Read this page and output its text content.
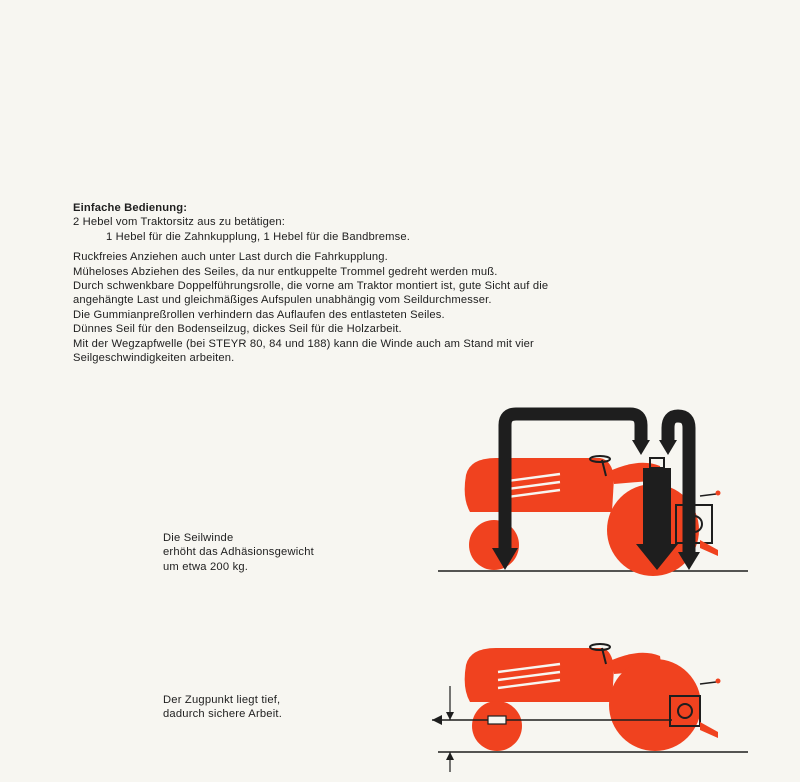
Einfache Bedienung:
2 Hebel vom Traktorsitz aus zu betätigen:
1 Hebel für die Zahnkupplung, 1 Hebel für die Bandbremse.
Ruckfreies Anziehen auch unter Last durch die Fahrkupplung.
Müheloses Abziehen des Seiles, da nur entkuppelte Trommel gedreht werden muß.
Durch schwenkbare Doppelführungsrolle, die vorne am Traktor montiert ist, gute Sicht auf die
angehängte Last und gleichmäßiges Aufspulen unabhängig vom Seildurchmesser.
Die Gummianpreßrollen verhindern das Auflaufen des entlasteten Seiles.
Dünnes Seil für den Bodenseilzug, dickes Seil für die Holzarbeit.
Mit der Wegzapfwelle (bei STEYR 80, 84 und 188) kann die Winde auch am Stand mit vier
Seilgeschwindigkeiten arbeiten.
Die Seilwinde
erhöht das Adhäsionsgewicht
um etwa 200 kg.
Der Zugpunkt liegt tief,
dadurch sichere Arbeit.
